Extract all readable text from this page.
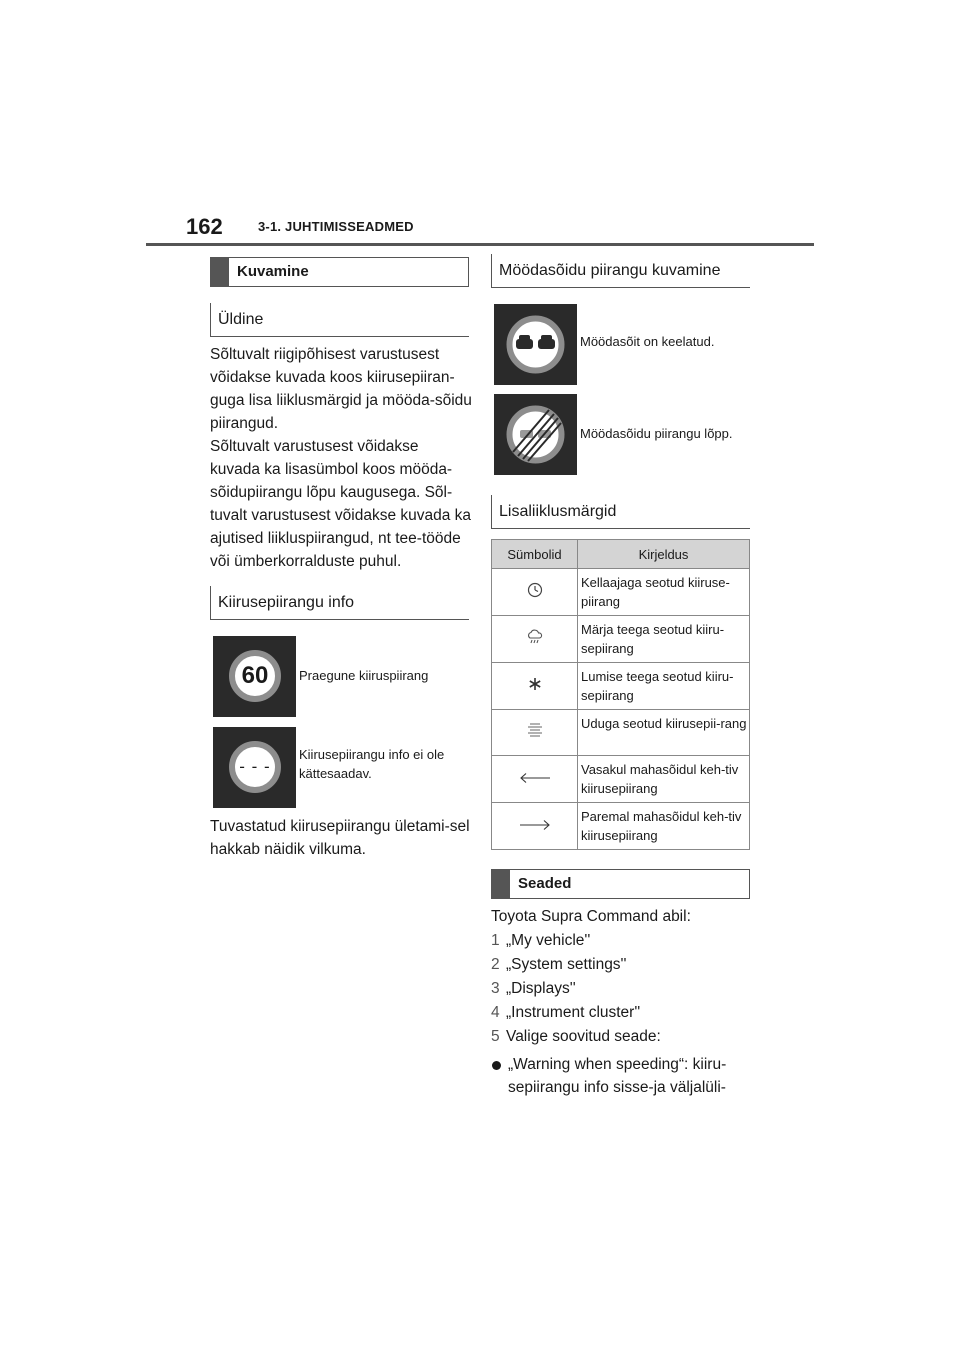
162	3-1. JUHTIMISSEADMED
Kuvamine
Üldine
Sõltuvalt riigipõhisest varustusest võidakse kuvada koos kiirusepiiran-guga lisa liiklusmärgid ja mööda-sõidu piirangud.
Sõltuvalt varustusest võidakse kuvada ka lisasümbol koos mööda-sõidupiirangu lõpu kaugusega. Sõl-tuvalt varustusest võidakse kuvada ka ajutised liikluspiirangud, nt tee-tööde või ümberkorralduste puhul.
Kiirusepiirangu info
60	Praegune kiiruspiirang
- - -
Kiirusepiirangu info ei ole kättesaadav.
Tuvastatud kiirusepiirangu ületami-sel hakkab näidik vilkuma.
Möödasõidu piirangu kuvamine
Möödasõit on keelatud.
Möödasõidu piirangu lõpp.
Lisaliiklusmärgid
Sümbolid	Kirjeldus
	Kellaajaga seotud kiiruse-piirang
	Märja teega seotud kiiru-sepiirang
	Lumise teega seotud kiiru-sepiirang
	Uduga seotud kiirusepii-rang
	Vasakul mahasõidul keh-tiv kiirusepiirang
	Paremal mahasõidul keh-tiv kiirusepiirang
Seaded
Toyota Supra Command abil:
1 „My vehicle''
2 „System settings''
3 „Displays''
4 „Instrument cluster''
5 Valige soovitud seade:
„Warning when speeding“: kiiru-sepiirangu info sisse-ja väljalüli-
